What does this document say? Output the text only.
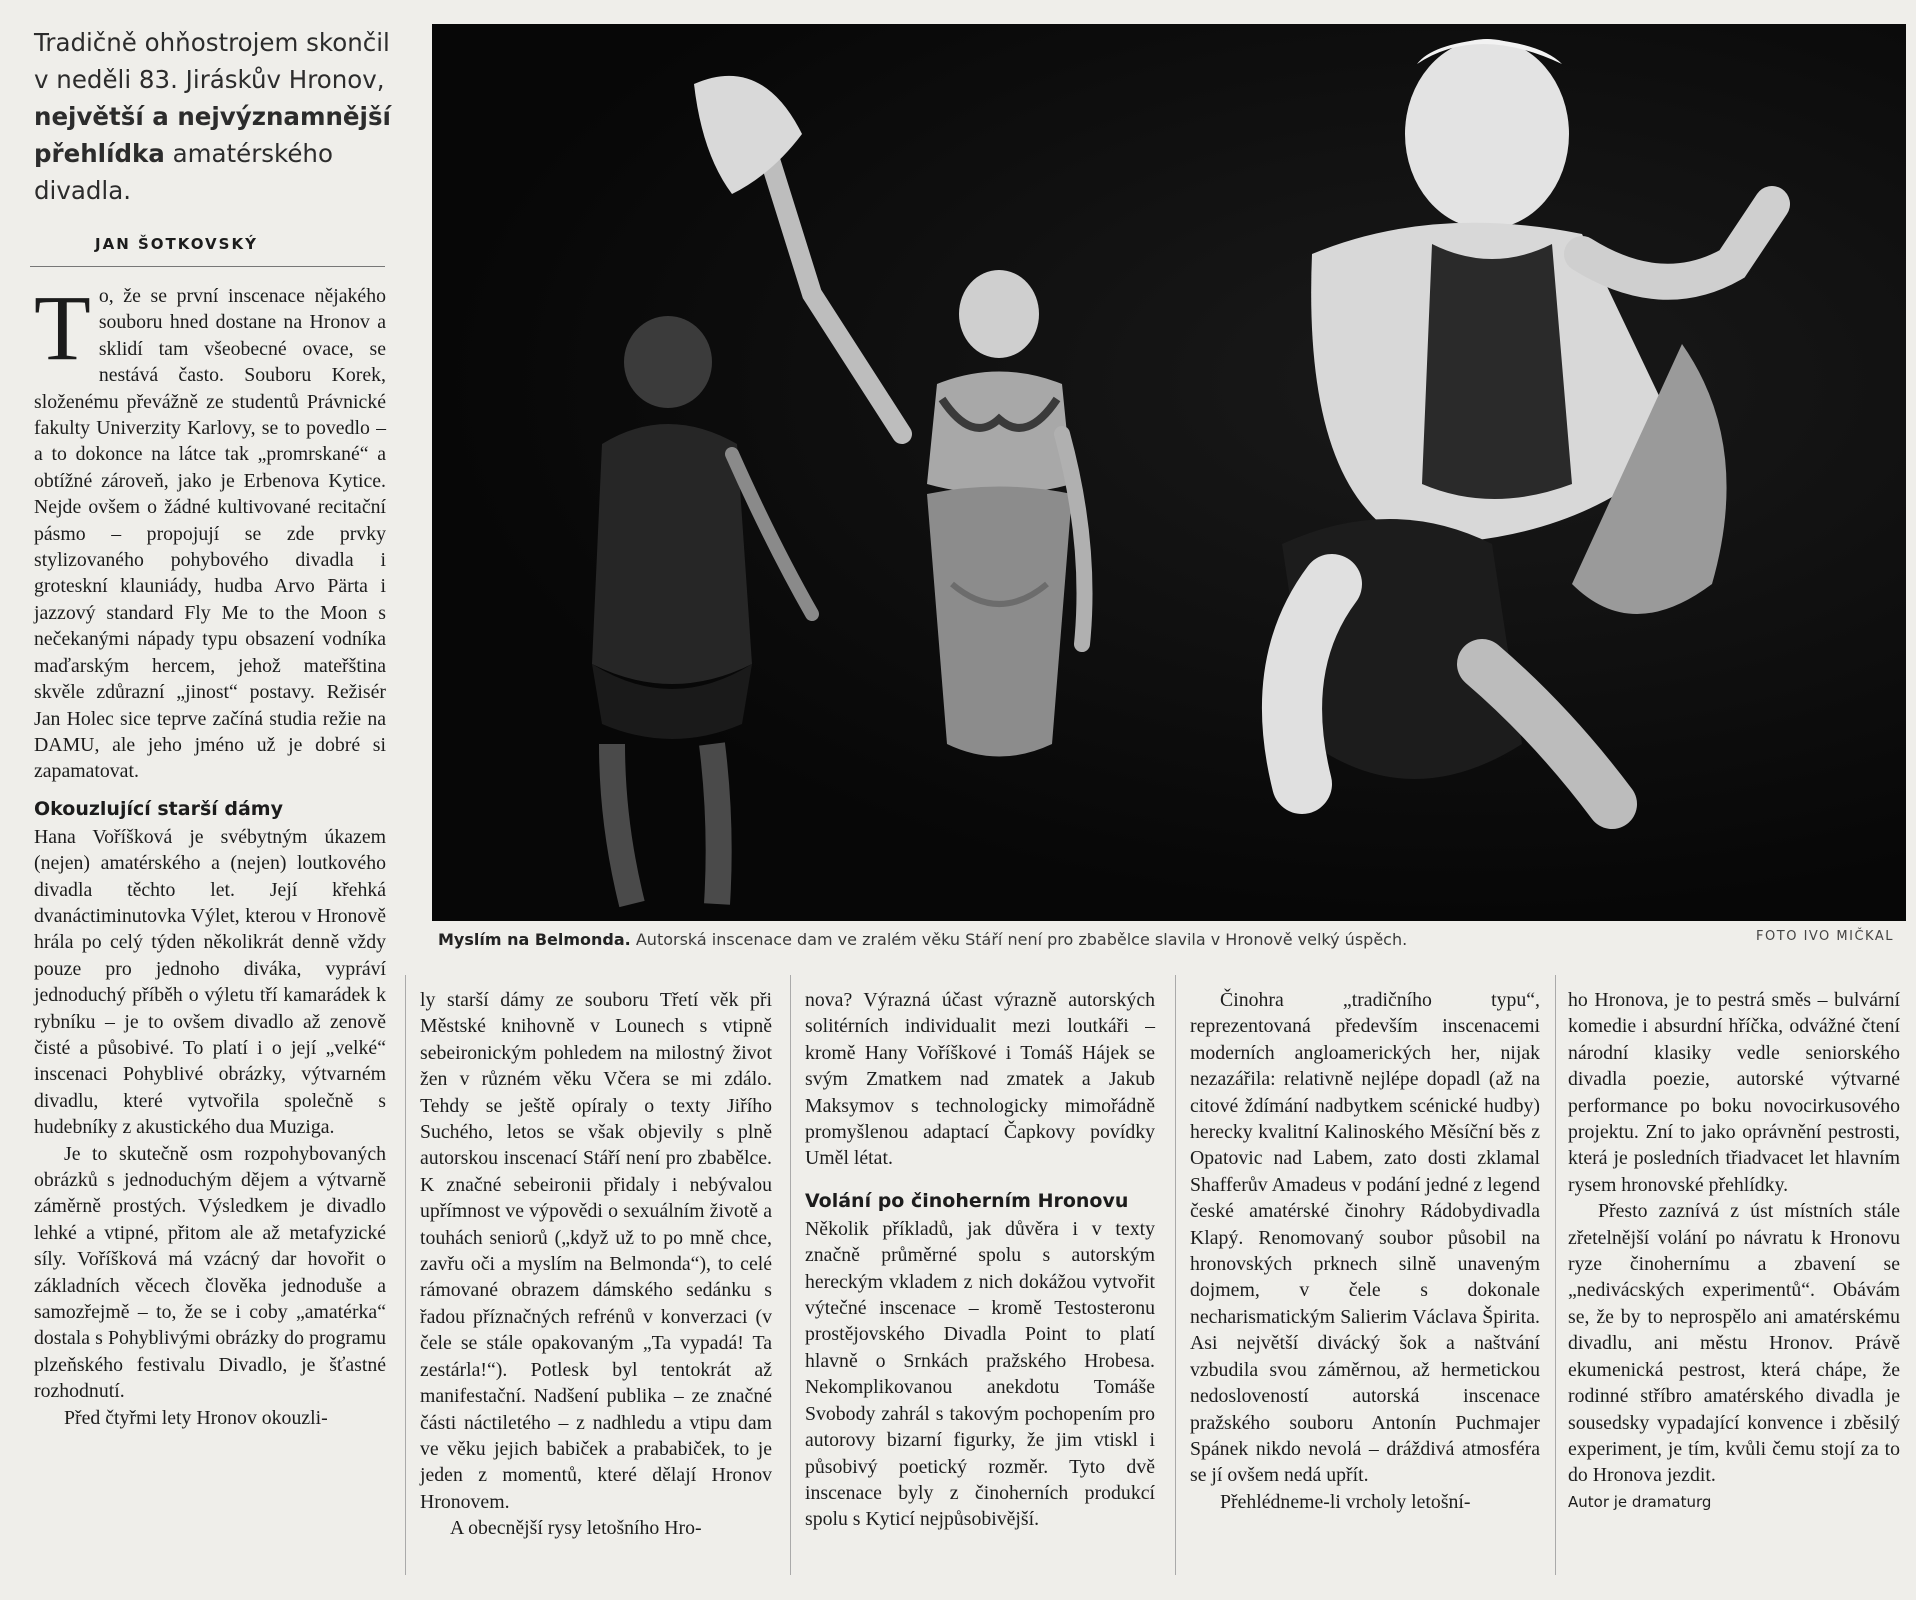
Tradičně ohňostrojem skončil v neděli 83. Jiráskův Hronov, největší a nejvýznamnější přehlídka amatérského divadla.
JAN ŠOTKOVSKÝ
T o, že se první inscenace nějakého souboru hned dostane na Hronov a sklidí tam všeobecné ovace, se nestává často. Souboru Korek, složenému převážně ze studentů Právnické fakulty Univerzity Karlovy, se to povedlo – a to dokonce na látce tak „promrskané“ a obtížné zároveň, jako je Erbenova Kytice. Nejde ovšem o žádné kultivované recitační pásmo – propojují se zde prvky stylizovaného pohybového divadla i groteskní klauniády, hudba Arvo Pärta i jazzový standard Fly Me to the Moon s nečekanými nápady typu obsazení vodníka maďarským hercem, jehož mateřština skvěle zdůrazní „jinost“ postavy. Režisér Jan Holec sice teprve začíná studia režie na DAMU, ale jeho jméno už je dobré si zapamatovat.

Okouzlující starší dámy

Hana Voříšková je svébytným úkazem (nejen) amatérského a (nejen) loutkového divadla těchto let. Její křehká dvanáctiminutovka Výlet, kterou v Hronově hrála po celý týden několikrát denně vždy pouze pro jednoho diváka, vypráví jednoduchý příběh o výletu tří kamarádek k rybníku – je to ovšem divadlo až zenově čisté a působivé. To platí i o její „velké“ inscenaci Pohyblivé obrázky, výtvarném divadlu, které vytvořila společně s hudebníky z akustického dua Muziga.

Je to skutečně osm rozpohybovaných obrázků s jednoduchým dějem a výtvarně záměrně prostých. Výsledkem je divadlo lehké a vtipné, přitom ale až metafyzické síly. Voříšková má vzácný dar hovořit o základních věcech člověka jednoduše a samozřejmě – to, že se i coby „amatérka“ dostala s Pohyblivými obrázky do programu plzeňského festivalu Divadlo, je šťastné rozhodnutí.

Před čtyřmi lety Hronov okouzli-

Myslím na Belmonda. Autorská inscenace dam ve zralém věku Stáří není pro zbabělce slavila v Hronově velký úspěch.	FOTO IVO MIČKAL

ly starší dámy ze souboru Třetí věk při Městské knihovně v Lounech s vtipně sebeironickým pohledem na milostný život žen v různém věku Včera se mi zdálo. Tehdy se ještě opíraly o texty Jiřího Suchého, letos se však objevily s plně autorskou inscenací Stáří není pro zbabělce. K značné sebeironii přidaly i nebývalou upřímnost ve výpovědi o sexuálním životě a touhách seniorů („když už to po mně chce, zavřu oči a myslím na Belmonda“), to celé rámované obrazem dámského sedánku s řadou příznačných refrénů v konverzaci (v čele se stále opakovaným „Ta vypadá! Ta zestárla!“). Potlesk byl tentokrát až manifestační. Nadšení publika – ze značné části náctiletého – z nadhledu a vtipu dam ve věku jejich babiček a prababiček, to je jeden z momentů, které dělají Hronov Hronovem.

A obecnější rysy letošního Hro-

nova? Výrazná účast výrazně autorských solitérních individualit mezi loutkáři – kromě Hany Voříškové i Tomáš Hájek se svým Zmatkem nad zmatek a Jakub Maksymov s technologicky mimořádně promyšlenou adaptací Čapkovy povídky Uměl létat.

Volání po činoherním Hronovu

Několik příkladů, jak důvěra i v texty značně průměrné spolu s autorským hereckým vkladem z nich dokážou vytvořit výtečné inscenace – kromě Testosteronu prostějovského Divadla Point to platí hlavně o Srnkách pražského Hrobesa. Nekomplikovanou anekdotu Tomáše Svobody zahrál s takovým pochopením pro autorovy bizarní figurky, že jim vtiskl i působivý poetický rozměr. Tyto dvě inscenace byly z činoherních produkcí spolu s Kyticí nejpůsobivější.

Činohra „tradičního typu“, reprezentovaná především inscenacemi moderních angloamerických her, nijak nezazářila: relativně nejlépe dopadl (až na citové ždímání nadbytkem scénické hudby) herecky kvalitní Kalinoského Měsíční běs z Opatovic nad Labem, zato dosti zklamal Shafferův Amadeus v podání jedné z legend české amatérské činohry Rádobydivadla Klapý. Renomovaný soubor působil na hronovských prknech silně unaveným dojmem, v čele s dokonale necharismatickým Salierim Václava Špirita. Asi největší divácký šok a naštvání vzbudila svou záměrnou, až hermetickou nedosloveností autorská inscenace pražského souboru Antonín Puchmajer Spánek nikdo nevolá – dráždivá atmosféra se jí ovšem nedá upřít.

Přehlédneme-li vrcholy letošní-

ho Hronova, je to pestrá směs – bulvární komedie i absurdní hříčka, odvážné čtení národní klasiky vedle seniorského divadla poezie, autorské výtvarné performance po boku novocirkusového projektu. Zní to jako oprávnění pestrosti, která je posledních třiadvacet let hlavním rysem hronovské přehlídky.

Přesto zaznívá z úst místních stále zřetelnější volání po návratu k Hronovu ryze činohernímu a zbavení se „nedivácských experimentů“. Obávám se, že by to neprospělo ani amatérskému divadlu, ani městu Hronov. Právě ekumenická pestrost, která chápe, že rodinné stříbro amatérského divadla je sousedsky vypadající konvence i zběsilý experiment, je tím, kvůli čemu stojí za to do Hronova jezdit.

Autor je dramaturg
